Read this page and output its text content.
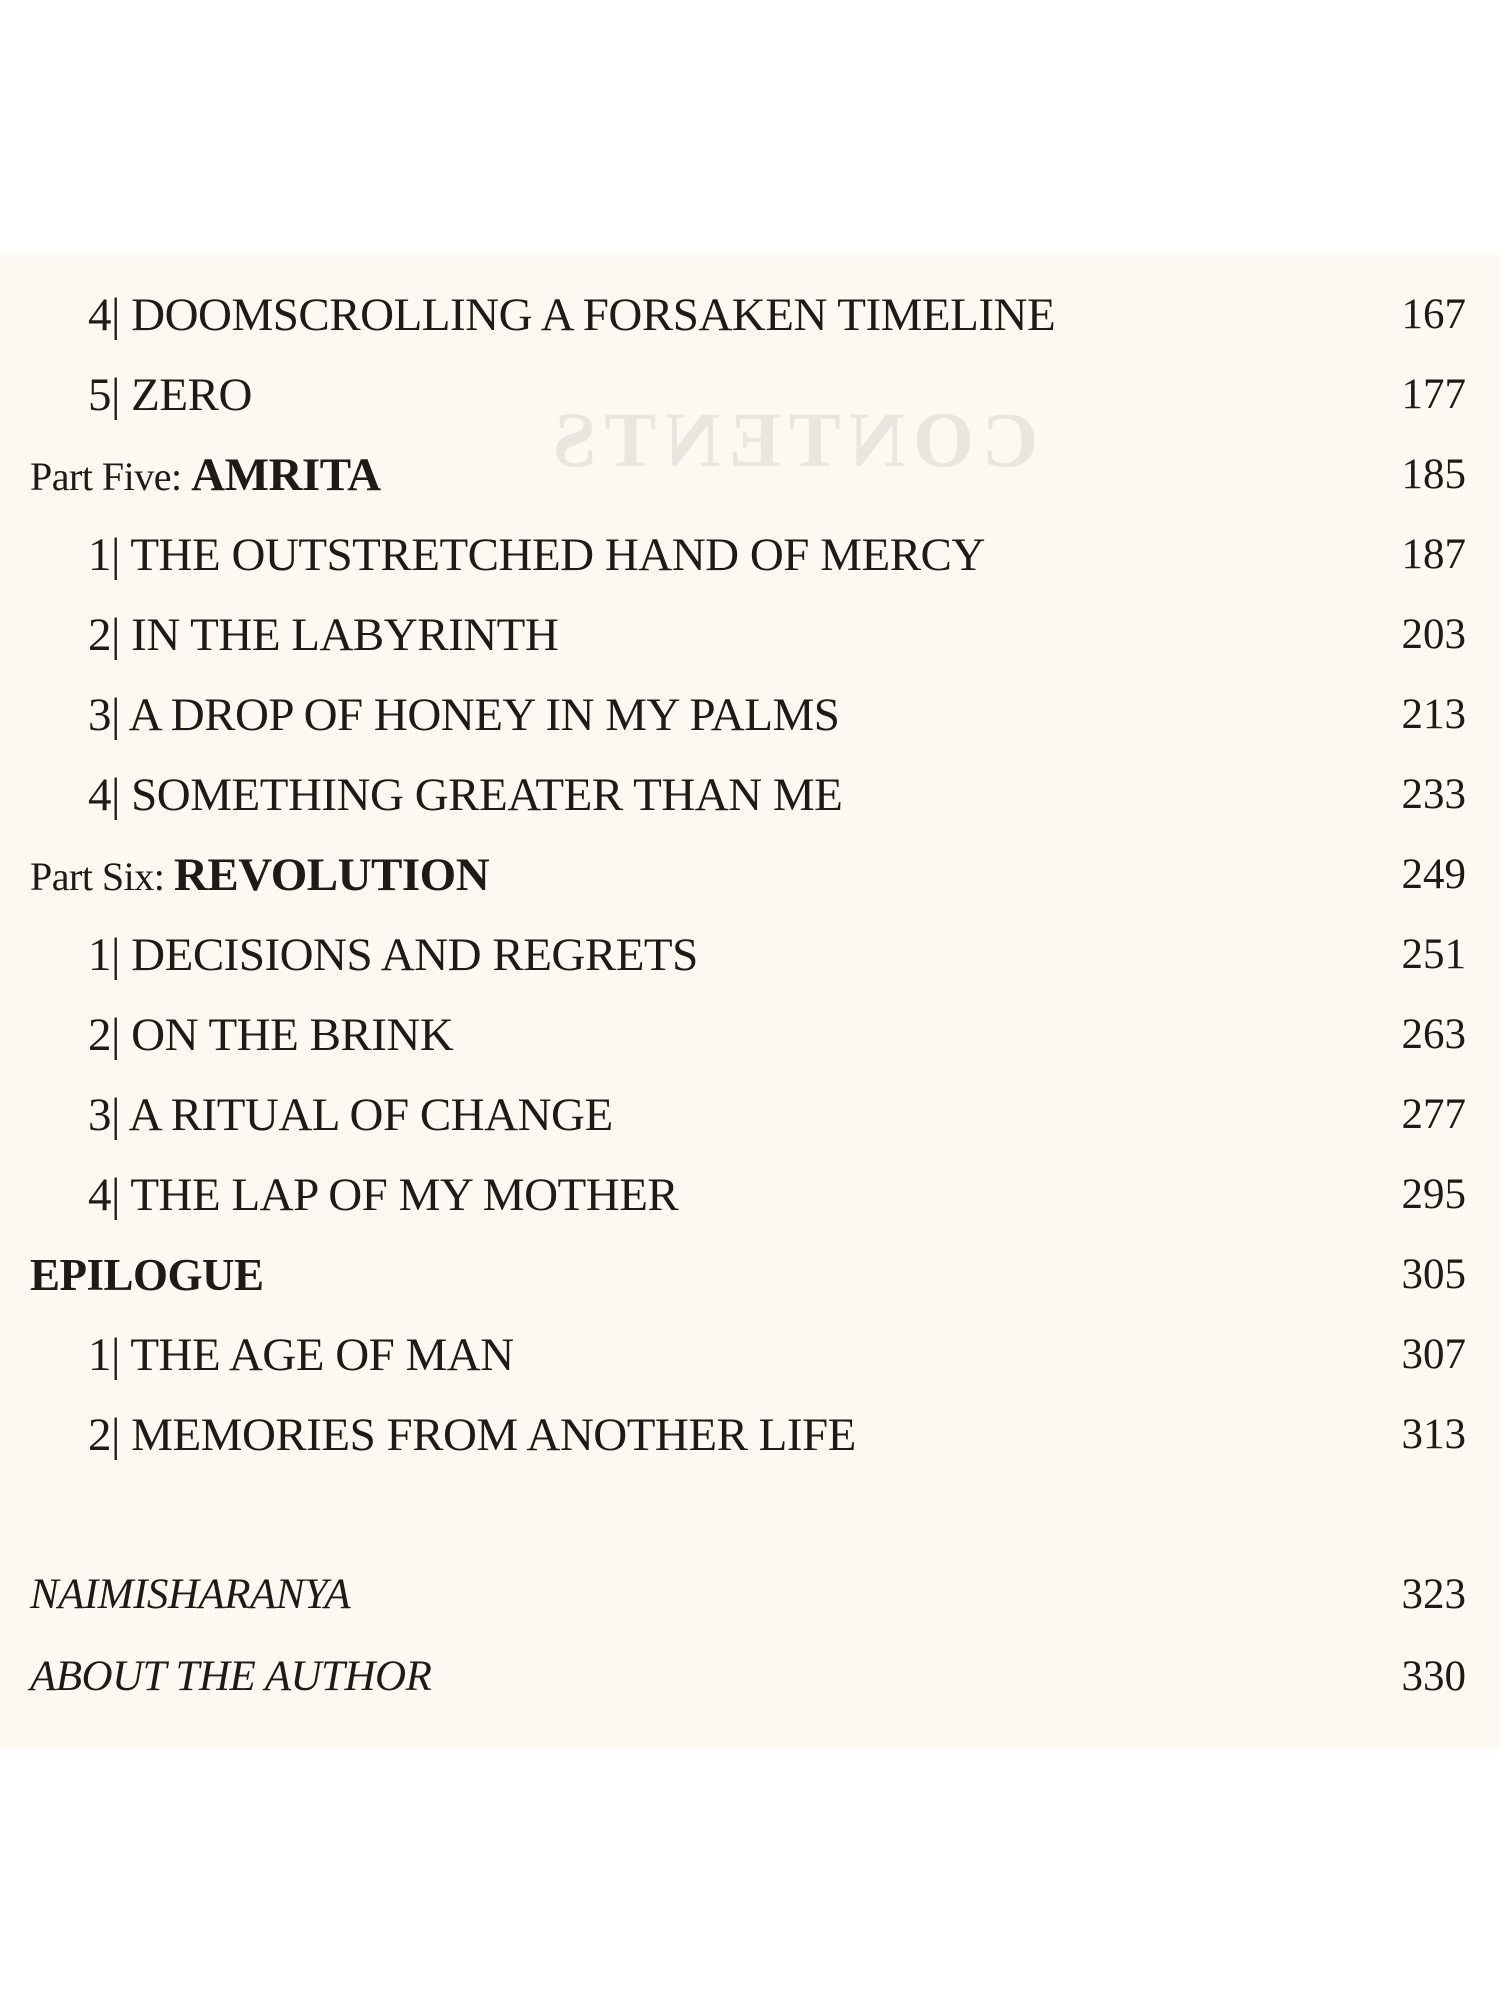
CONTENTS
4| DOOMSCROLLING A FORSAKEN TIMELINE	167
5| ZERO	177
Part Five: AMRITA	185
1| THE OUTSTRETCHED HAND OF MERCY	187
2| IN THE LABYRINTH	203
3| A DROP OF HONEY IN MY PALMS	213
4| SOMETHING GREATER THAN ME	233
Part Six: REVOLUTION	249
1| DECISIONS AND REGRETS	251
2| ON THE BRINK	263
3| A RITUAL OF CHANGE	277
4| THE LAP OF MY MOTHER	295
EPILOGUE	305
1| THE AGE OF MAN	307
2| MEMORIES FROM ANOTHER LIFE	313
NAIMISHARANYA	323
ABOUT THE AUTHOR	330
